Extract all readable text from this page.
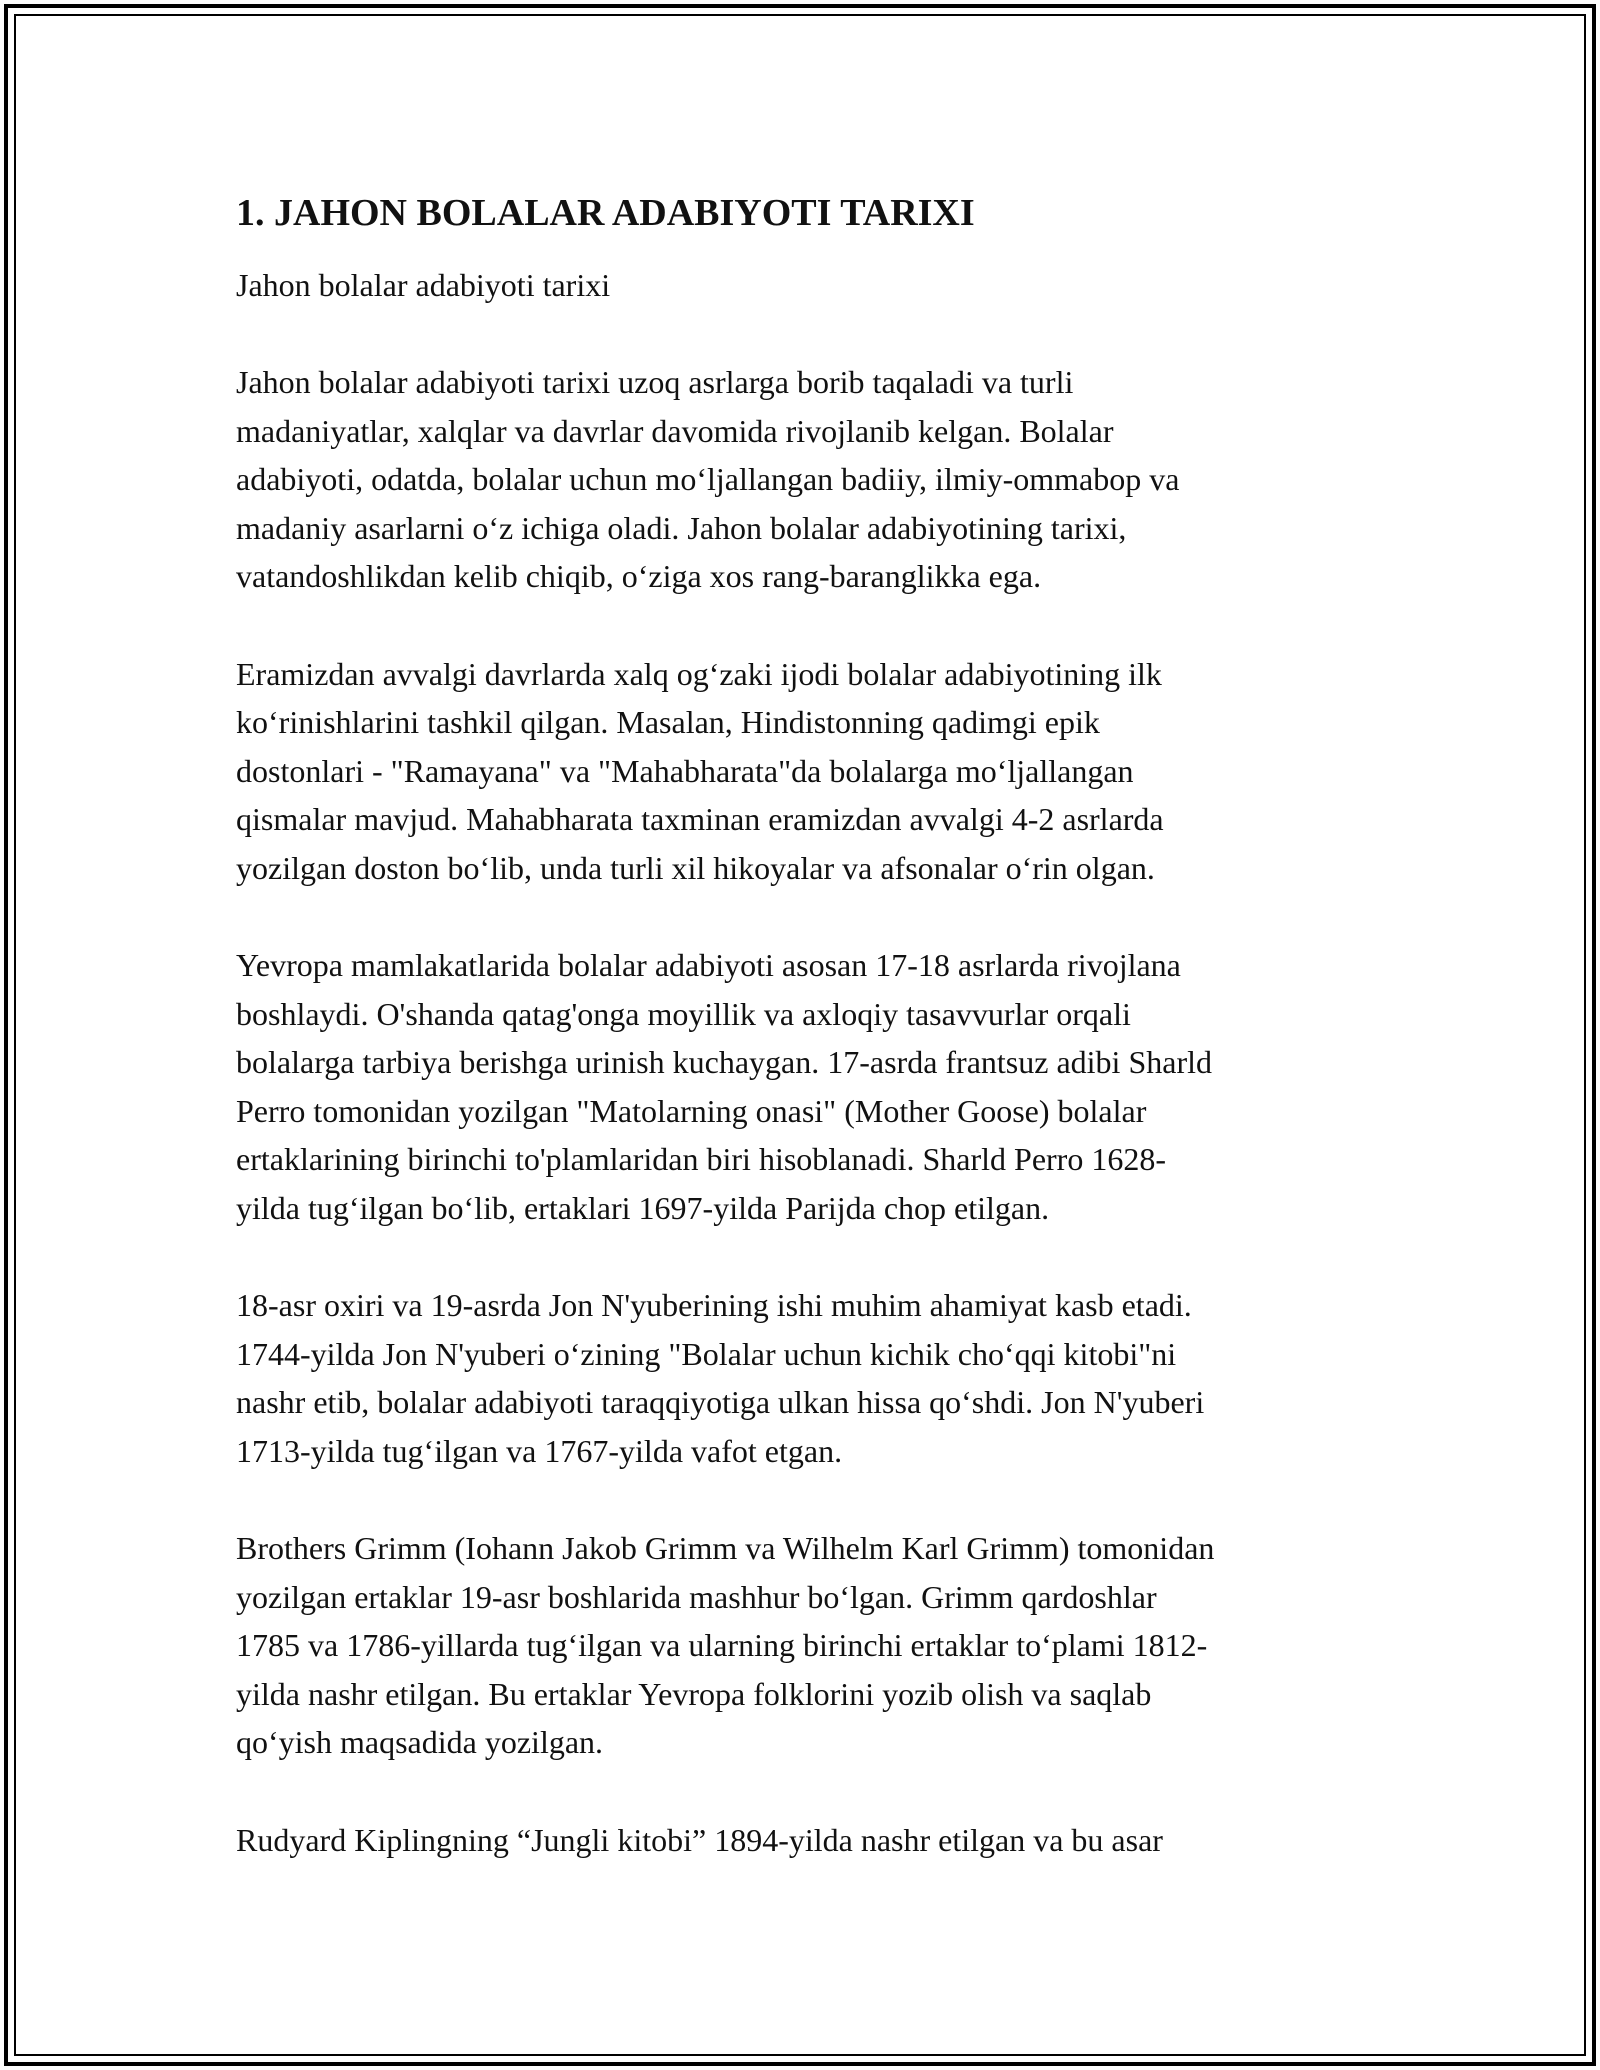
1. JAHON BOLALAR ADABIYOTI TARIXI

Jahon bolalar adabiyoti tarixi

Jahon bolalar adabiyoti tarixi uzoq asrlarga borib taqaladi va turli
madaniyatlar, xalqlar va davrlar davomida rivojlanib kelgan. Bolalar
adabiyoti, odatda, bolalar uchun mo‘ljallangan badiiy, ilmiy-ommabop va
madaniy asarlarni o‘z ichiga oladi. Jahon bolalar adabiyotining tarixi,
vatandoshlikdan kelib chiqib, o‘ziga xos rang-baranglikka ega.

Eramizdan avvalgi davrlarda xalq og‘zaki ijodi bolalar adabiyotining ilk
ko‘rinishlarini tashkil qilgan. Masalan, Hindistonning qadimgi epik
dostonlari - "Ramayana" va "Mahabharata"da bolalarga mo‘ljallangan
qismalar mavjud. Mahabharata taxminan eramizdan avvalgi 4-2 asrlarda
yozilgan doston bo‘lib, unda turli xil hikoyalar va afsonalar o‘rin olgan.

Yevropa mamlakatlarida bolalar adabiyoti asosan 17-18 asrlarda rivojlana
boshlaydi. O'shanda qatag'onga moyillik va axloqiy tasavvurlar orqali
bolalarga tarbiya berishga urinish kuchaygan. 17-asrda frantsuz adibi Sharld
Perro tomonidan yozilgan "Matolarning onasi" (Mother Goose) bolalar
ertaklarining birinchi to'plamlaridan biri hisoblanadi. Sharld Perro 1628-
yilda tug‘ilgan bo‘lib, ertaklari 1697-yilda Parijda chop etilgan.

18-asr oxiri va 19-asrda Jon N'yuberining ishi muhim ahamiyat kasb etadi.
1744-yilda Jon N'yuberi o‘zining "Bolalar uchun kichik cho‘qqi kitobi"ni
nashr etib, bolalar adabiyoti taraqqiyotiga ulkan hissa qo‘shdi. Jon N'yuberi
1713-yilda tug‘ilgan va 1767-yilda vafot etgan.

Brothers Grimm (Iohann Jakob Grimm va Wilhelm Karl Grimm) tomonidan
yozilgan ertaklar 19-asr boshlarida mashhur bo‘lgan. Grimm qardoshlar
1785 va 1786-yillarda tug‘ilgan va ularning birinchi ertaklar to‘plami 1812-
yilda nashr etilgan. Bu ertaklar Yevropa folklorini yozib olish va saqlab
qo‘yish maqsadida yozilgan.

Rudyard Kiplingning “Jungli kitobi” 1894-yilda nashr etilgan va bu asar
